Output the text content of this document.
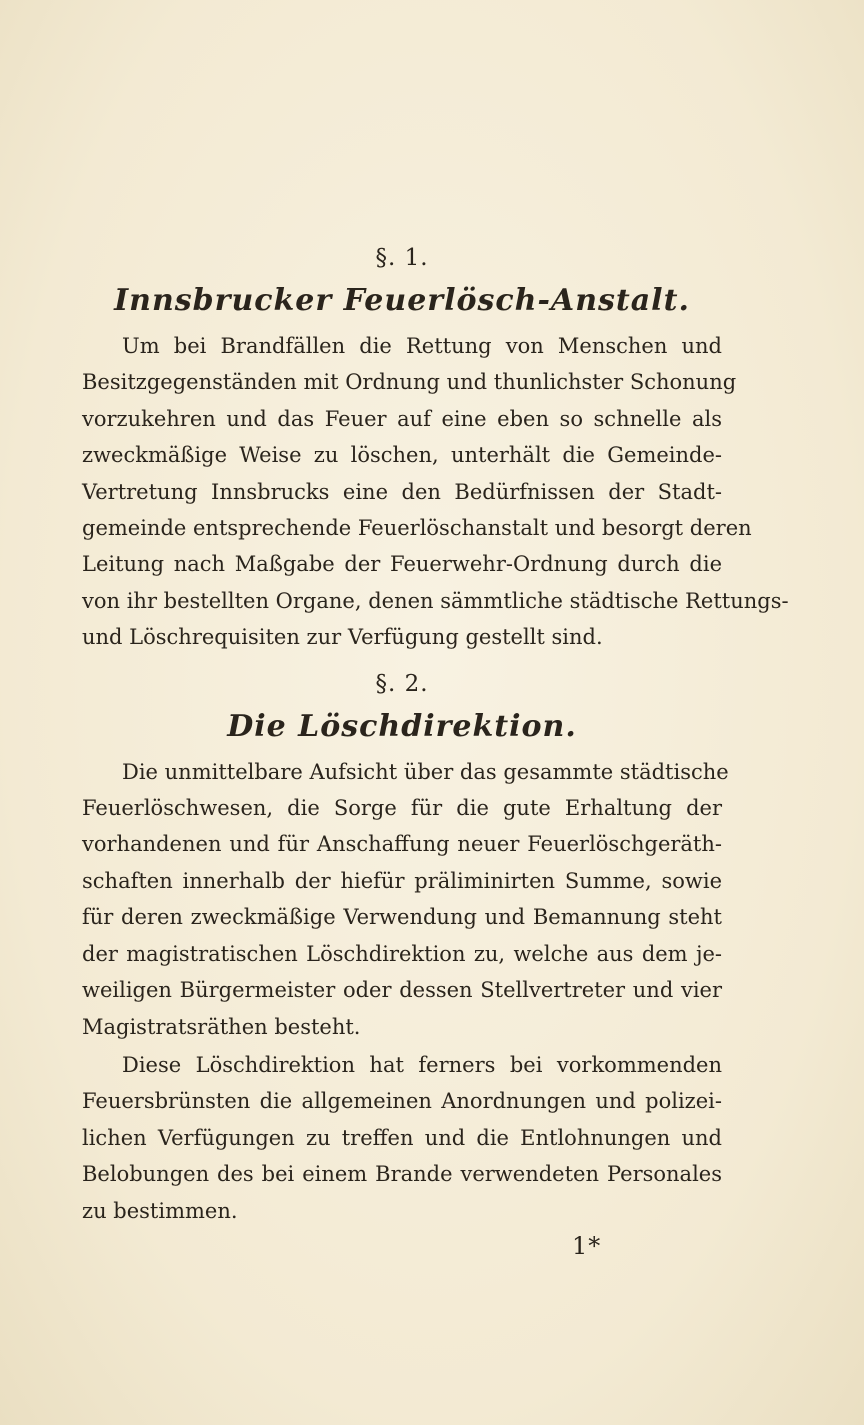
§. 1.
Innsbrucker Feuerlösch-Anstalt.
Um bei Brandfällen die Rettung von Menschen und
Besitzgegenständen mit Ordnung und thunlichster Schonung
vorzukehren und das Feuer auf eine eben so schnelle als
zweckmäßige Weise zu löschen, unterhält die Gemeinde-
Vertretung Innsbrucks eine den Bedürfnissen der Stadt-
gemeinde entsprechende Feuerlöschanstalt und besorgt deren
Leitung nach Maßgabe der Feuerwehr-Ordnung durch die
von ihr bestellten Organe, denen sämmtliche städtische Rettungs-
und Löschrequisiten zur Verfügung gestellt sind.
§. 2.
Die Löschdirektion.
Die unmittelbare Aufsicht über das gesammte städtische
Feuerlöschwesen, die Sorge für die gute Erhaltung der
vorhandenen und für Anschaffung neuer Feuerlöschgeräth-
schaften innerhalb der hiefür präliminirten Summe, sowie
für deren zweckmäßige Verwendung und Bemannung steht
der magistratischen Löschdirektion zu, welche aus dem je-
weiligen Bürgermeister oder dessen Stellvertreter und vier
Magistratsräthen besteht.
Diese Löschdirektion hat ferners bei vorkommenden
Feuersbrünsten die allgemeinen Anordnungen und polizei-
lichen Verfügungen zu treffen und die Entlohnungen und
Belobungen des bei einem Brande verwendeten Personales
zu bestimmen.
1*
